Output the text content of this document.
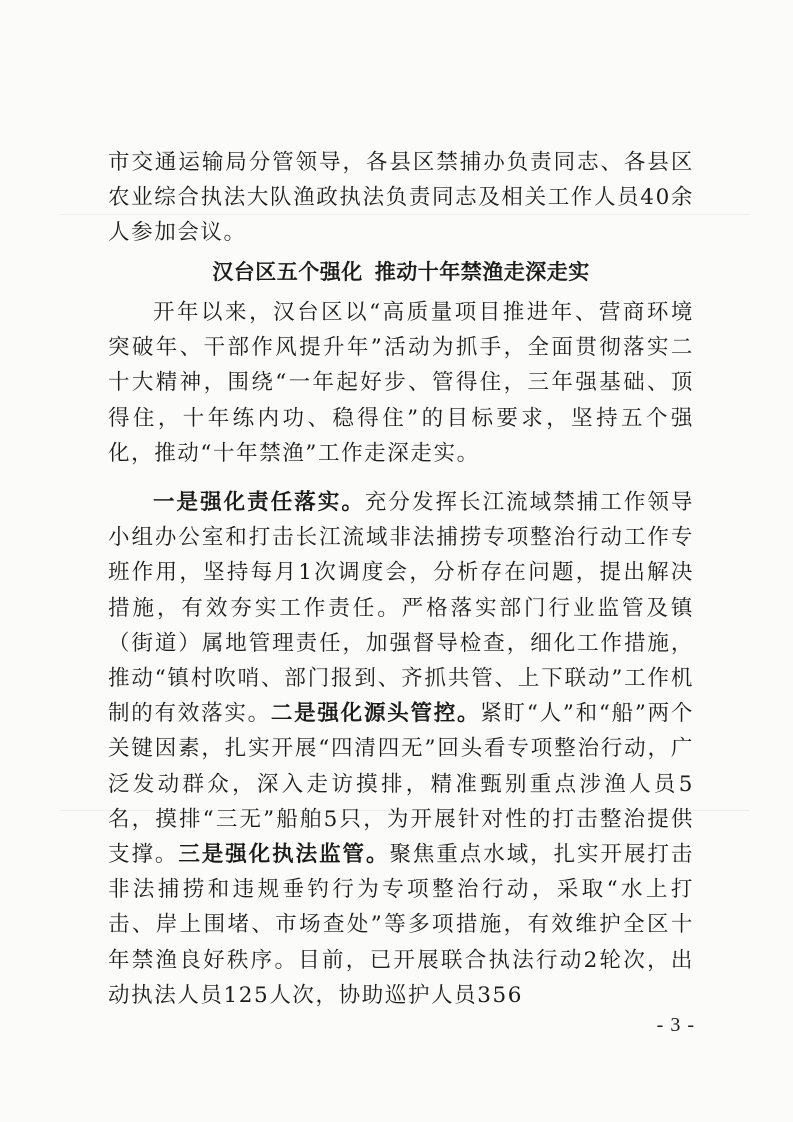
市交通运输局分管领导，各县区禁捕办负责同志、各县区农业综合执法大队渔政执法负责同志及相关工作人员40余人参加会议。

汉台区五个强化 推动十年禁渔走深走实

开年以来，汉台区以“高质量项目推进年、营商环境突破年、干部作风提升年”活动为抓手，全面贯彻落实二十大精神，围绕“一年起好步、管得住，三年强基础、顶得住，十年练内功、稳得住”的目标要求，坚持五个强化，推动“十年禁渔”工作走深走实。

一是强化责任落实。充分发挥长江流域禁捕工作领导小组办公室和打击长江流域非法捕捞专项整治行动工作专班作用，坚持每月1次调度会，分析存在问题，提出解决措施，有效夯实工作责任。严格落实部门行业监管及镇（街道）属地管理责任，加强督导检查，细化工作措施，推动“镇村吹哨、部门报到、齐抓共管、上下联动”工作机制的有效落实。二是强化源头管控。紧盯“人”和“船”两个关键因素，扎实开展“四清四无”回头看专项整治行动，广泛发动群众，深入走访摸排，精准甄别重点涉渔人员5名，摸排“三无”船舶5只，为开展针对性的打击整治提供支撑。三是强化执法监管。聚焦重点水域，扎实开展打击非法捕捞和违规垂钓行为专项整治行动，采取“水上打击、岸上围堵、市场查处”等多项措施，有效维护全区十年禁渔良好秩序。目前，已开展联合执法行动2轮次，出动执法人员125人次，协助巡护人员356

- 3 -
